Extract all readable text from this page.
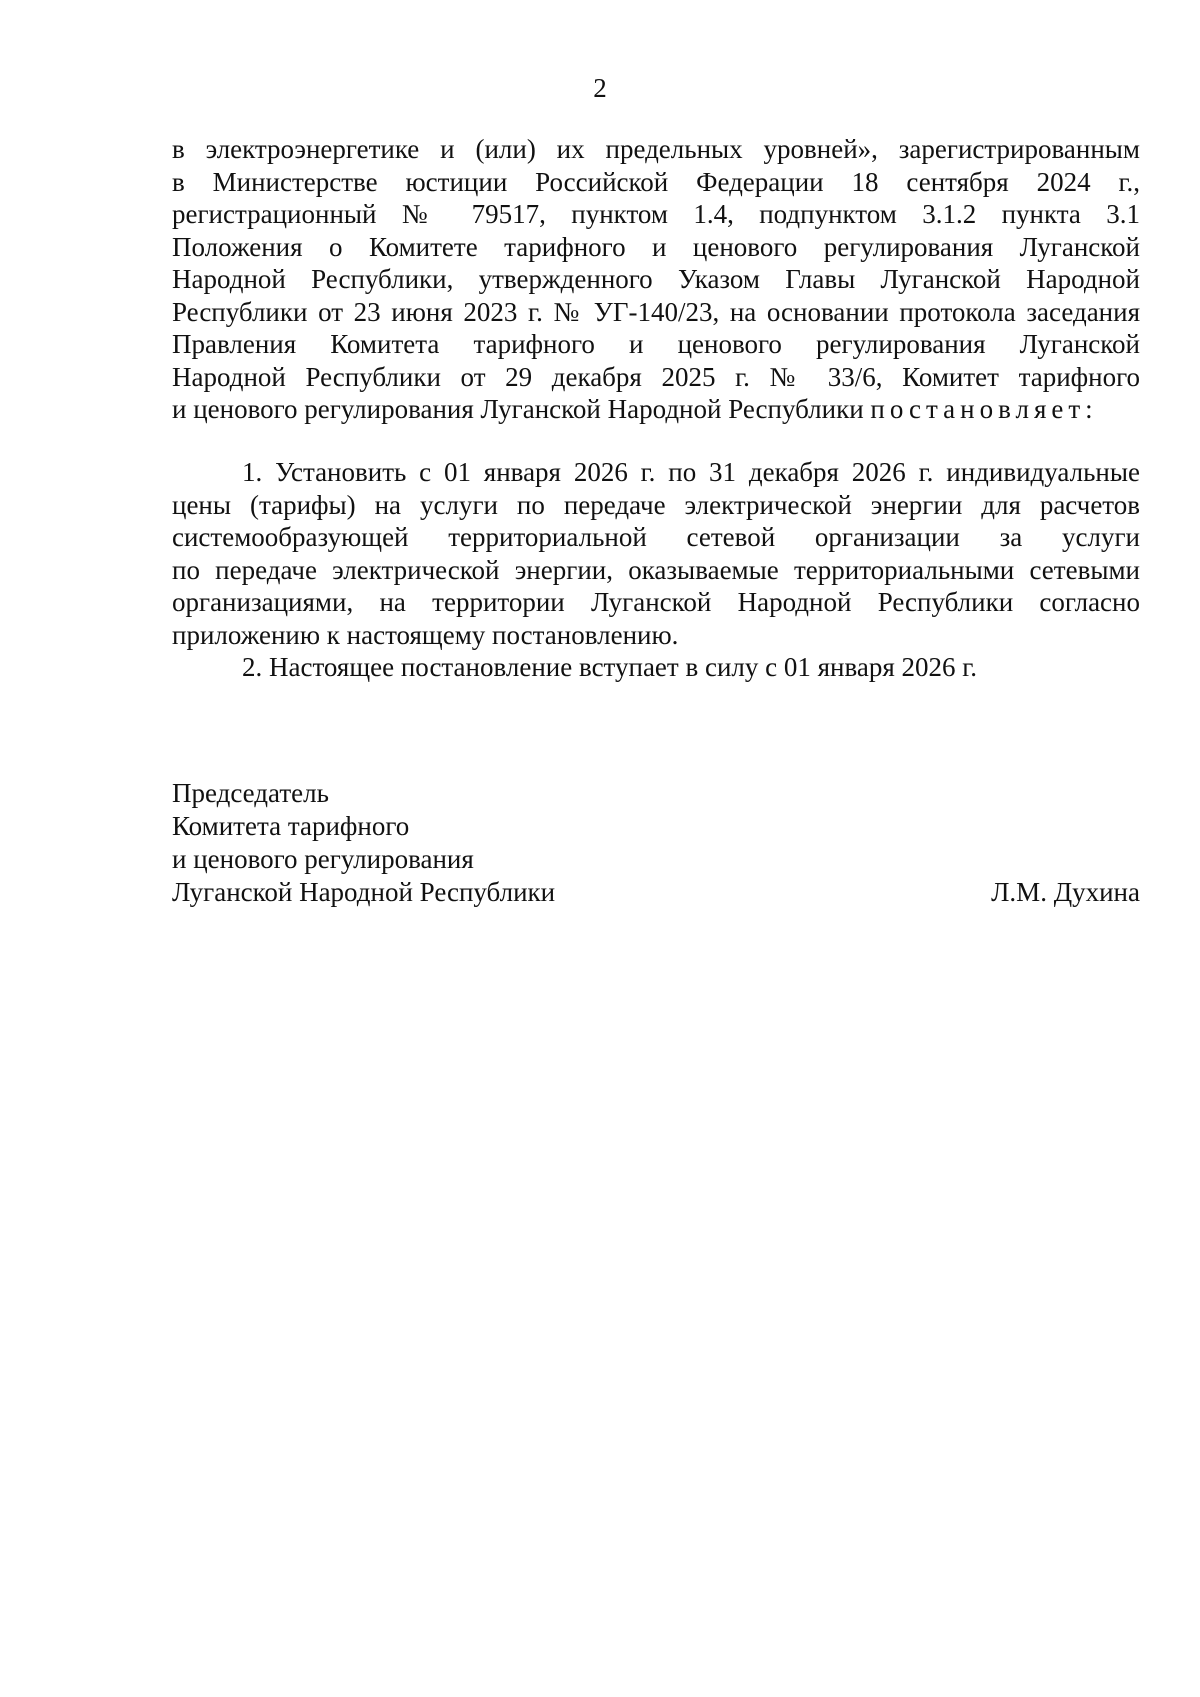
2
в электроэнергетике и (или) их предельных уровней», зарегистрированным
в Министерстве юстиции Российской Федерации 18 сентября 2024 г.,
регистрационный № 79517, пунктом 1.4, подпунктом 3.1.2 пункта 3.1
Положения о Комитете тарифного и ценового регулирования Луганской
Народной Республики, утвержденного Указом Главы Луганской Народной
Республики от 23 июня 2023 г. № УГ-140/23, на основании протокола заседания
Правления Комитета тарифного и ценового регулирования Луганской
Народной Республики от 29 декабря 2025 г. № 33/6, Комитет тарифного
и ценового регулирования Луганской Народной Республики постановляет:
1. Установить с 01 января 2026 г. по 31 декабря 2026 г. индивидуальные
цены (тарифы) на услуги по передаче электрической энергии для расчетов
системообразующей территориальной сетевой организации за услуги
по передаче электрической энергии, оказываемые территориальными сетевыми
организациями, на территории Луганской Народной Республики согласно
приложению к настоящему постановлению.
2. Настоящее постановление вступает в силу с 01 января 2026 г.
Председатель
Комитета тарифного
и ценового регулирования
Луганской Народной Республики	Л.М. Духина
